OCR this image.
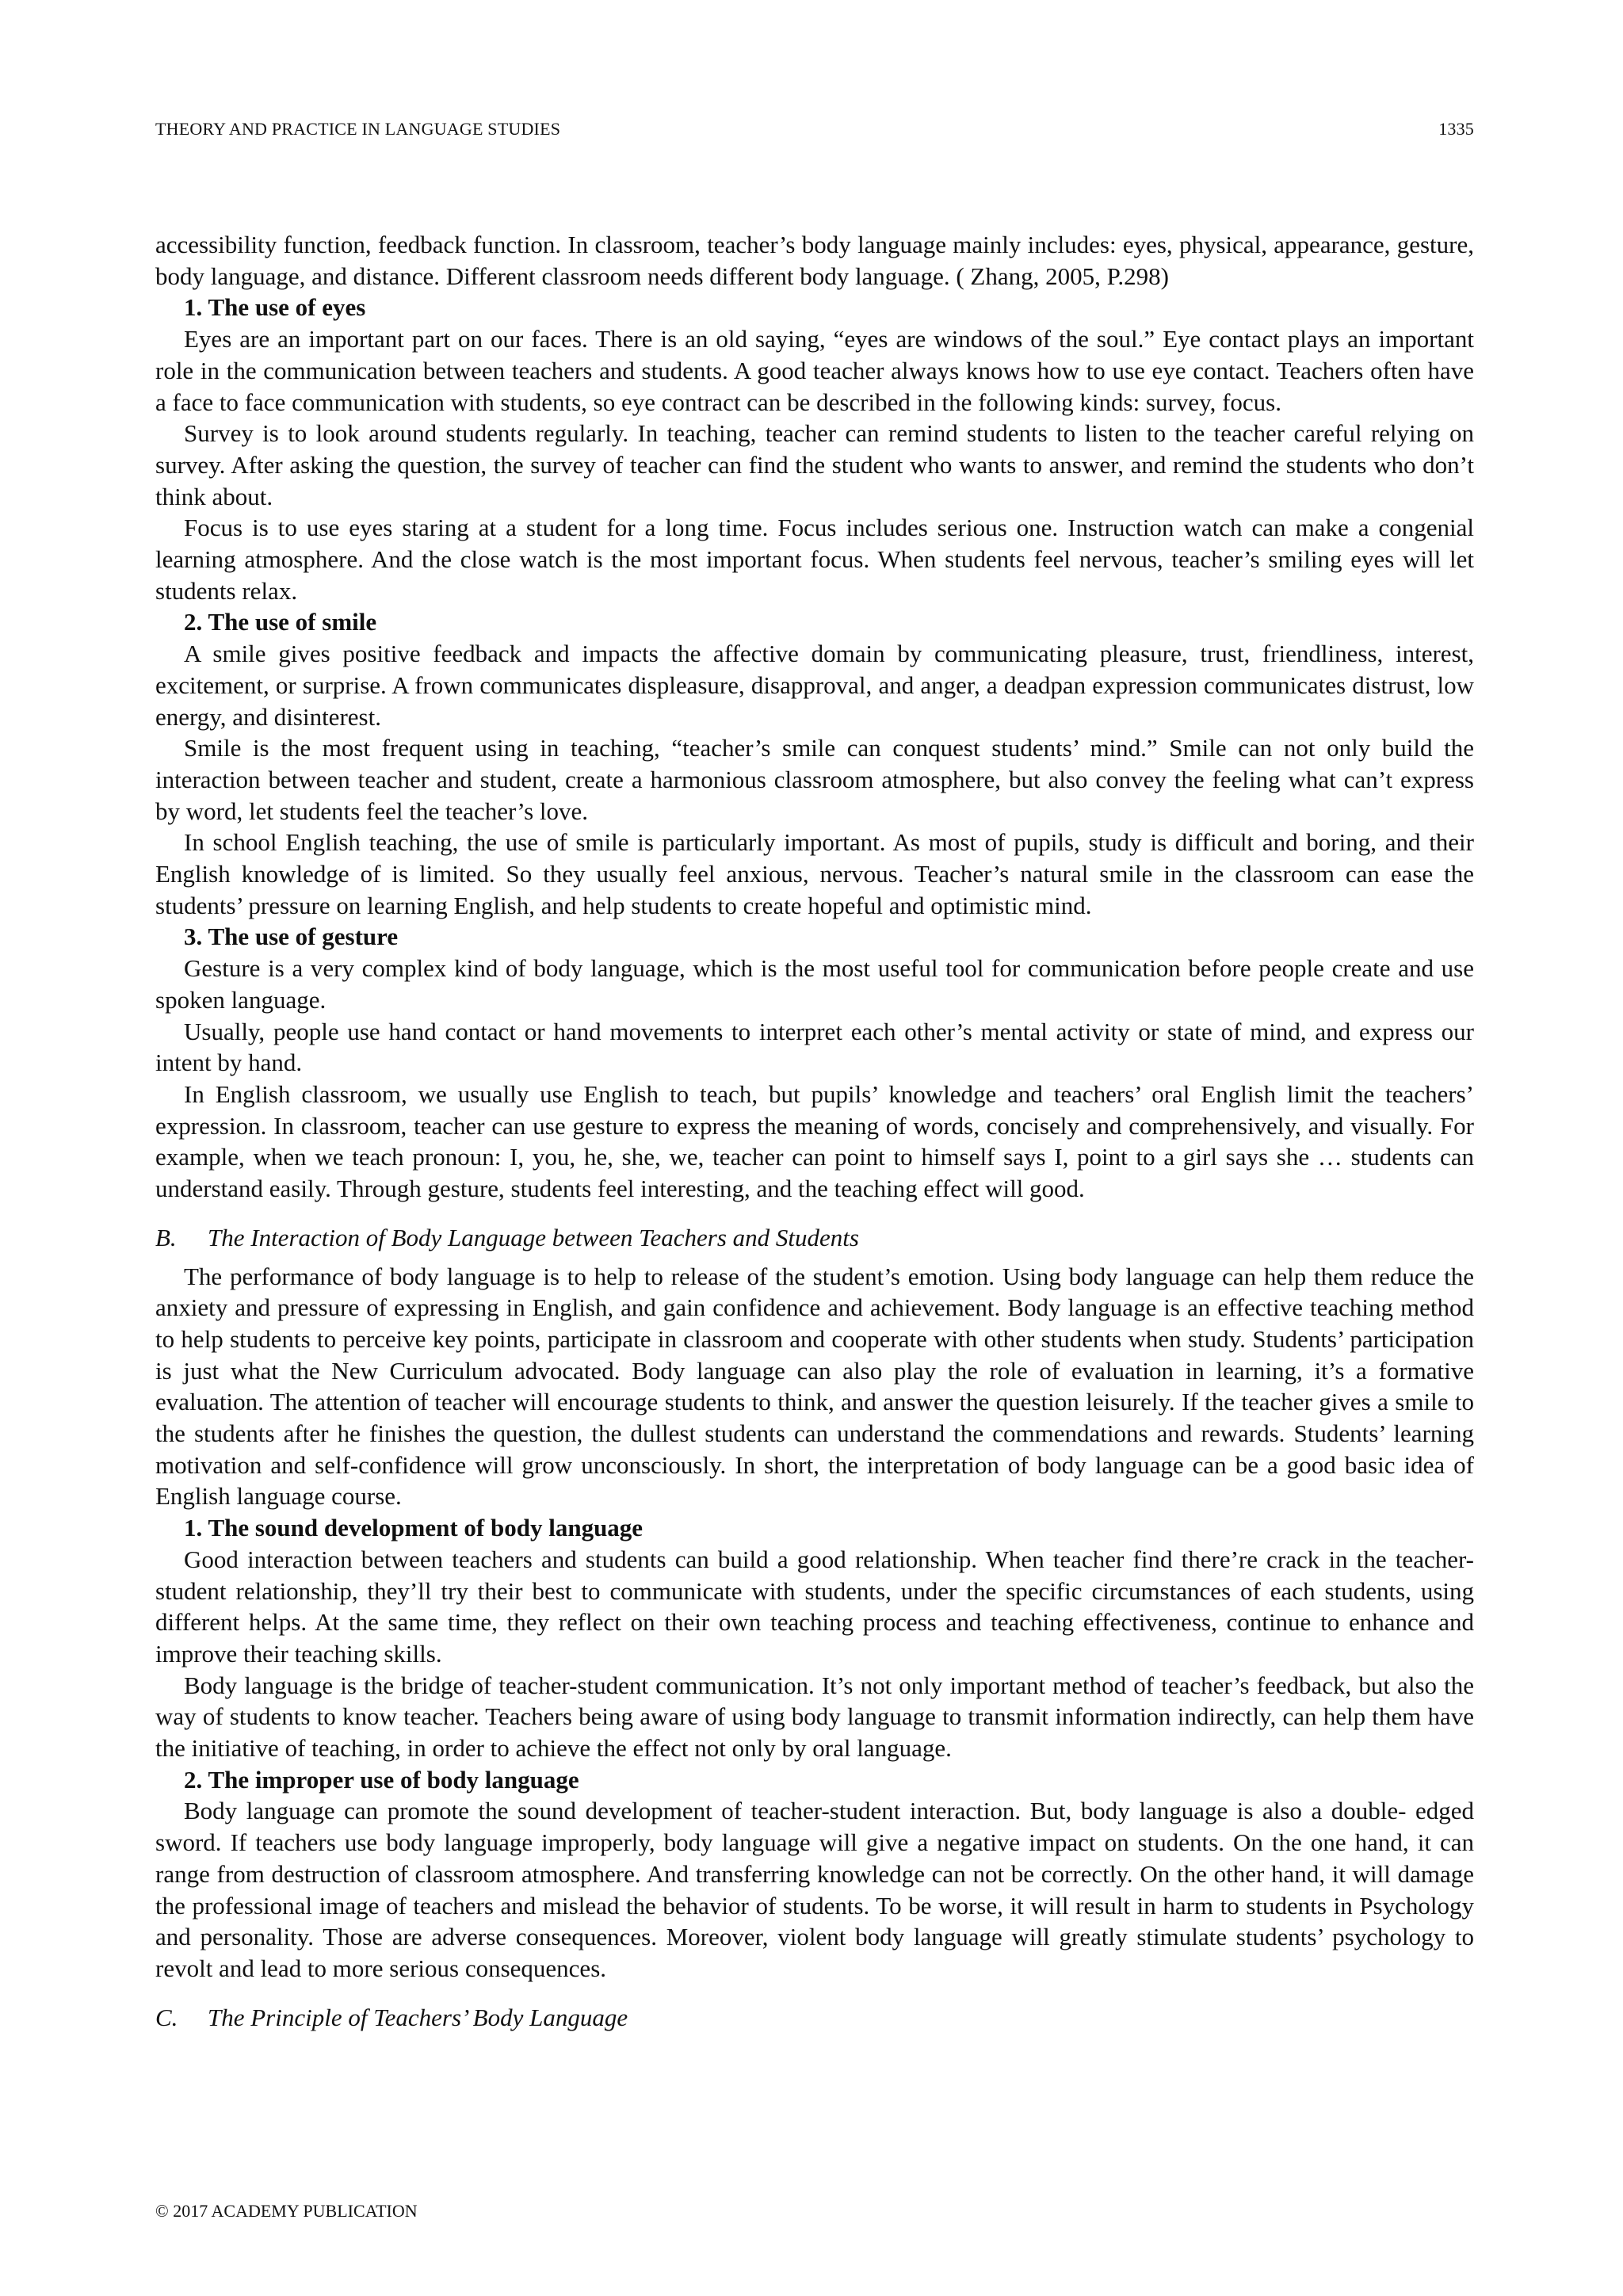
THEORY AND PRACTICE IN LANGUAGE STUDIES	1335

accessibility function, feedback function. In classroom, teacher’s body language mainly includes: eyes, physical, appearance, gesture, body language, and distance. Different classroom needs different body language. ( Zhang, 2005, P.298)

1. The use of eyes

Eyes are an important part on our faces. There is an old saying, “eyes are windows of the soul.” Eye contact plays an important role in the communication between teachers and students. A good teacher always knows how to use eye contact. Teachers often have a face to face communication with students, so eye contract can be described in the following kinds: survey, focus.

Survey is to look around students regularly. In teaching, teacher can remind students to listen to the teacher careful relying on survey. After asking the question, the survey of teacher can find the student who wants to answer, and remind the students who don’t think about.

Focus is to use eyes staring at a student for a long time. Focus includes serious one. Instruction watch can make a congenial learning atmosphere. And the close watch is the most important focus. When students feel nervous, teacher’s smiling eyes will let students relax.

2. The use of smile

A smile gives positive feedback and impacts the affective domain by communicating pleasure, trust, friendliness, interest, excitement, or surprise. A frown communicates displeasure, disapproval, and anger, a deadpan expression communicates distrust, low energy, and disinterest.

Smile is the most frequent using in teaching, “teacher’s smile can conquest students’ mind.” Smile can not only build the interaction between teacher and student, create a harmonious classroom atmosphere, but also convey the feeling what can’t express by word, let students feel the teacher’s love.

In school English teaching, the use of smile is particularly important. As most of pupils, study is difficult and boring, and their English knowledge of is limited. So they usually feel anxious, nervous. Teacher’s natural smile in the classroom can ease the students’ pressure on learning English, and help students to create hopeful and optimistic mind.

3. The use of gesture

Gesture is a very complex kind of body language, which is the most useful tool for communication before people create and use spoken language.

Usually, people use hand contact or hand movements to interpret each other’s mental activity or state of mind, and express our intent by hand.

In English classroom, we usually use English to teach, but pupils’ knowledge and teachers’ oral English limit the teachers’ expression. In classroom, teacher can use gesture to express the meaning of words, concisely and comprehensively, and visually. For example, when we teach pronoun: I, you, he, she, we, teacher can point to himself says I, point to a girl says she … students can understand easily. Through gesture, students feel interesting, and the teaching effect will good.

B. The Interaction of Body Language between Teachers and Students

The performance of body language is to help to release of the student’s emotion. Using body language can help them reduce the anxiety and pressure of expressing in English, and gain confidence and achievement. Body language is an effective teaching method to help students to perceive key points, participate in classroom and cooperate with other students when study. Students’ participation is just what the New Curriculum advocated. Body language can also play the role of evaluation in learning, it’s a formative evaluation. The attention of teacher will encourage students to think, and answer the question leisurely. If the teacher gives a smile to the students after he finishes the question, the dullest students can understand the commendations and rewards. Students’ learning motivation and self-confidence will grow unconsciously. In short, the interpretation of body language can be a good basic idea of English language course.

1. The sound development of body language

Good interaction between teachers and students can build a good relationship. When teacher find there’re crack in the teacher-student relationship, they’ll try their best to communicate with students, under the specific circumstances of each students, using different helps. At the same time, they reflect on their own teaching process and teaching effectiveness, continue to enhance and improve their teaching skills.

Body language is the bridge of teacher-student communication. It’s not only important method of teacher’s feedback, but also the way of students to know teacher. Teachers being aware of using body language to transmit information indirectly, can help them have the initiative of teaching, in order to achieve the effect not only by oral language.

2. The improper use of body language

Body language can promote the sound development of teacher-student interaction. But, body language is also a double- edged sword. If teachers use body language improperly, body language will give a negative impact on students. On the one hand, it can range from destruction of classroom atmosphere. And transferring knowledge can not be correctly. On the other hand, it will damage the professional image of teachers and mislead the behavior of students. To be worse, it will result in harm to students in Psychology and personality. Those are adverse consequences. Moreover, violent body language will greatly stimulate students’ psychology to revolt and lead to more serious consequences.

C. The Principle of Teachers’ Body Language
© 2017 ACADEMY PUBLICATION
